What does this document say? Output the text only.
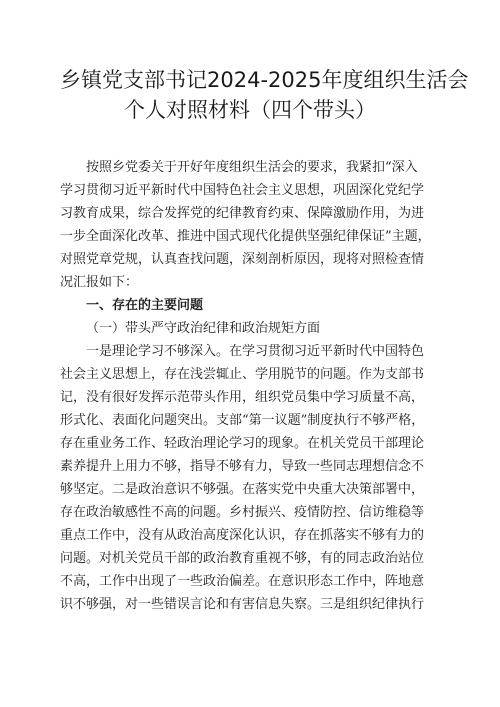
乡镇党支部书记2024-2025年度组织生活会
个人对照材料（四个带头）
按照乡党委关于开好年度组织生活会的要求，我紧扣“深入
学习贯彻习近平新时代中国特色社会主义思想，巩固深化党纪学
习教育成果，综合发挥党的纪律教育约束、保障激励作用，为进
一步全面深化改革、推进中国式现代化提供坚强纪律保证”主题，
对照党章党规，认真查找问题，深刻剖析原因，现将对照检查情
况汇报如下：
一、存在的主要问题
（一）带头严守政治纪律和政治规矩方面
一是理论学习不够深入。在学习贯彻习近平新时代中国特色
社会主义思想上，存在浅尝辄止、学用脱节的问题。作为支部书
记，没有很好发挥示范带头作用，组织党员集中学习质量不高，
形式化、表面化问题突出。支部“第一议题”制度执行不够严格，
存在重业务工作、轻政治理论学习的现象。在机关党员干部理论
素养提升上用力不够，指导不够有力，导致一些同志理想信念不
够坚定。二是政治意识不够强。在落实党中央重大决策部署中，
存在政治敏感性不高的问题。乡村振兴、疫情防控、信访维稳等
重点工作中，没有从政治高度深化认识，存在抓落实不够有力的
问题。对机关党员干部的政治教育重视不够，有的同志政治站位
不高，工作中出现了一些政治偏差。在意识形态工作中，阵地意
识不够强，对一些错误言论和有害信息失察。三是组织纪律执行
